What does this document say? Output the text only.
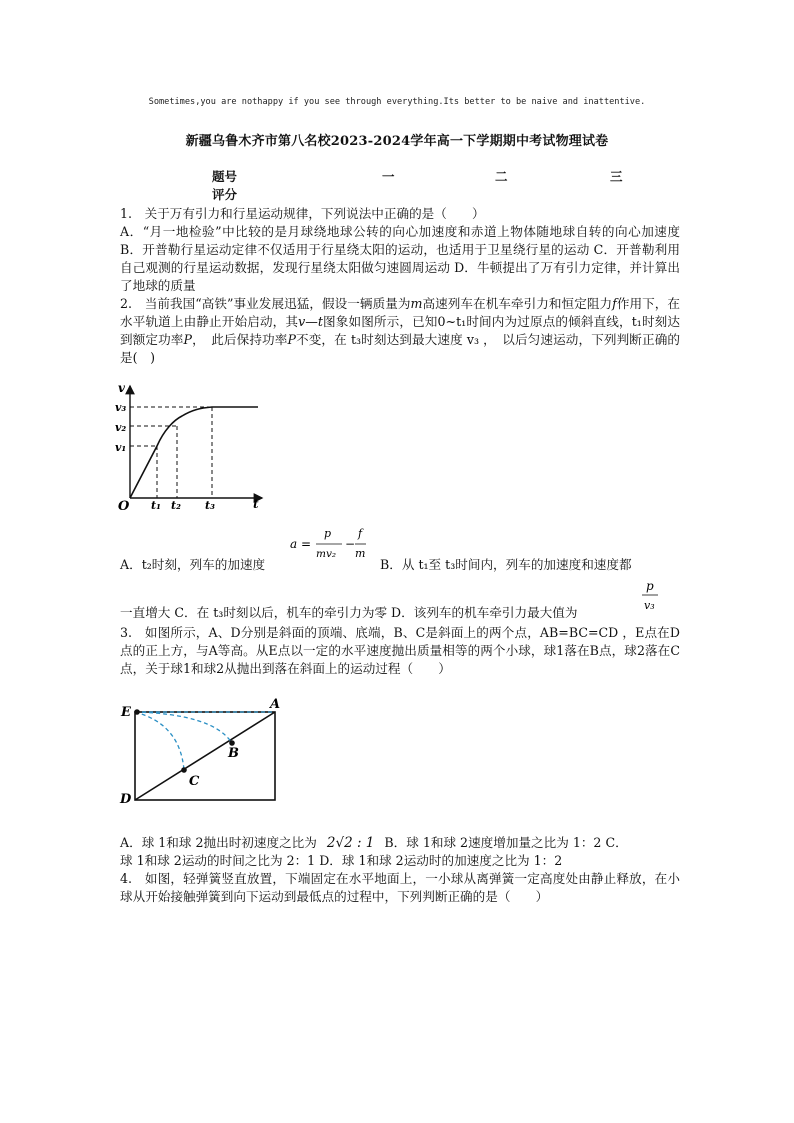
Sometimes,you are nothappy if you see through everything.Its better to be naive and inattentive.
新疆乌鲁木齐市第八名校2023-2024学年高一下学期期中考试物理试卷
题号	一	二	三
评分

1.　关于万有引力和行星运动规律，下列说法中正确的是（　　）
A．“月一地检验”中比较的是月球绕地球公转的向心加速度和赤道上物体随地球自转的向心加速度 B．开普勒行星运动定律不仅适用于行星绕太阳的运动，也适用于卫星绕行星的运动 C．开普勒利用自己观测的行星运动数据，发现行星绕太阳做匀速圆周运动 D．牛顿提出了万有引力定律，并计算出了地球的质量

2.　当前我国“高铁”事业发展迅猛，假设一辆质量为m高速列车在机车牵引力和恒定阻力f作用下，在水平轨道上由静止开始启动，其v—t图象如图所示，已知0~t₁时间内为过原点的倾斜直线，t₁时刻达到额定功率P，　此后保持功率P不变，在 t₃时刻达到最大速度 v₃ ，　以后匀速运动，下列判断正确的是(　)

v
t
O
v₁
v₂
v₃
t₁ t₂ t₃
a =
p
mv₂
−
f
m

A．t₂时刻，列车的加速度	B．从 t₁至 t₃时间内，列车的加速度和速度都

p
v₃

一直增大 C．在 t₃时刻以后，机车的牵引力为零 D．该列车的机车牵引力最大值为

3.　如图所示，A、D分别是斜面的顶端、底端，B、C是斜面上的两个点，AB=BC=CD ，E点在D点的正上方，与A等高。从E点以一定的水平速度抛出质量相等的两个小球，球1落在B点，球2落在C点，关于球1和球2从抛出到落在斜面上的运动过程（　　）

E
A
B
C
D

A．球 1和球 2抛出时初速度之比为 2√2 : 1 B．球 1和球 2速度增加量之比为 1：2 C．

球 1和球 2运动的时间之比为 2：1 D．球 1和球 2运动时的加速度之比为 1：2

4.　如图，轻弹簧竖直放置，下端固定在水平地面上，一小球从离弹簧一定高度处由静止释放，在小球从开始接触弹簧到向下运动到最低点的过程中，下列判断正确的是（　　）
